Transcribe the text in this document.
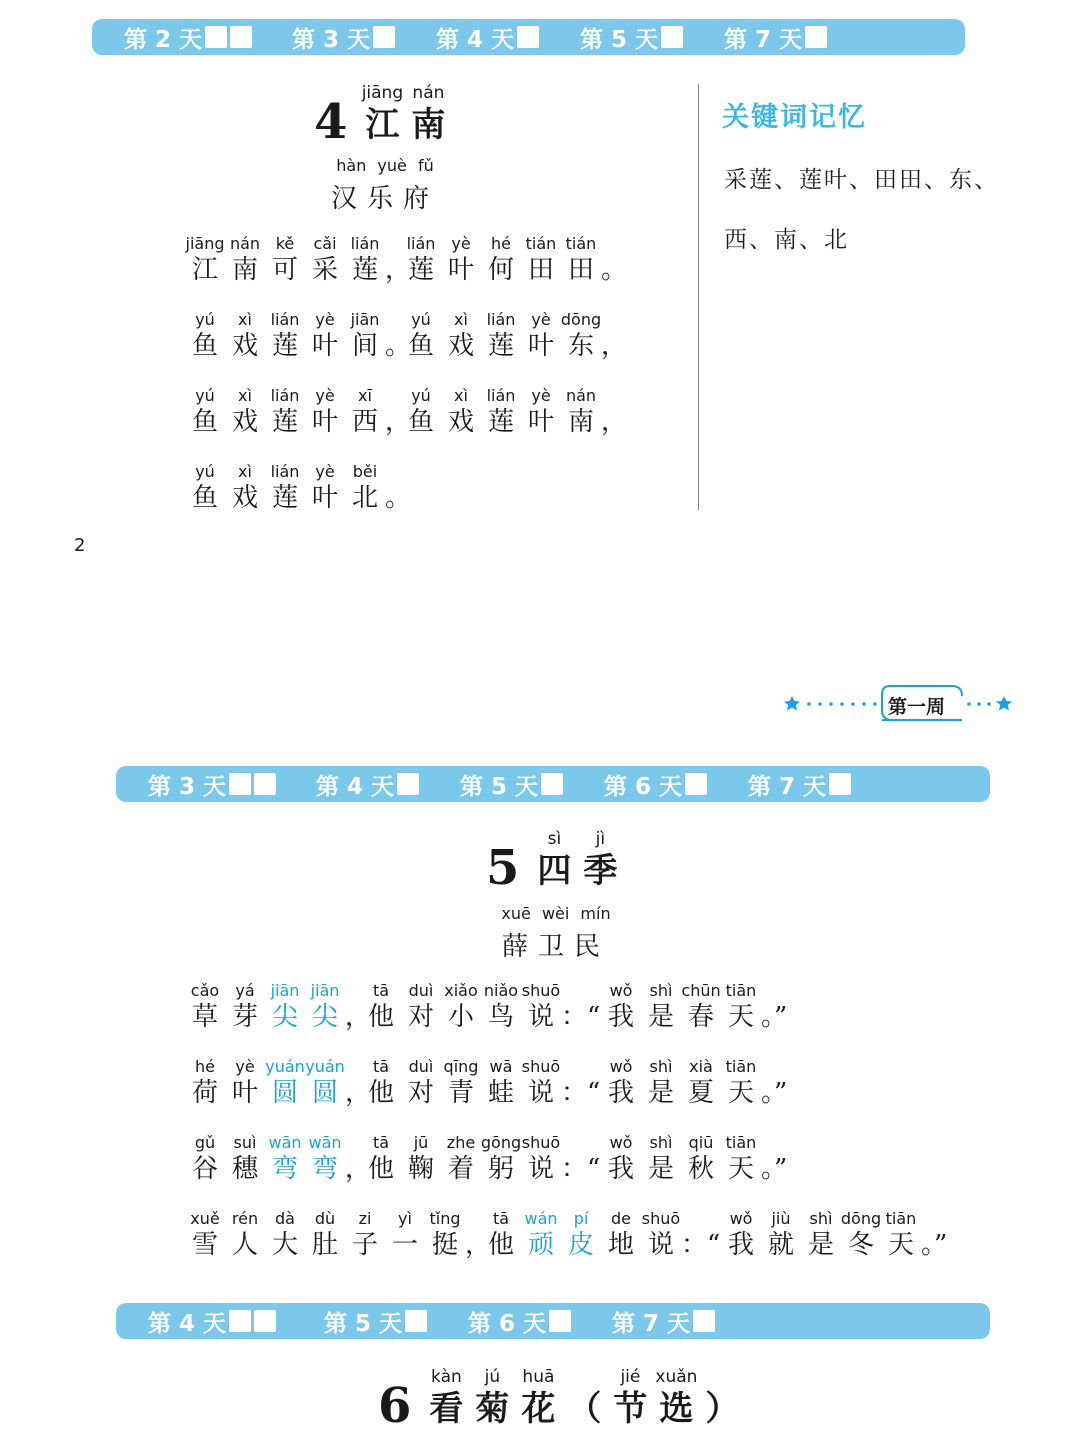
第 2 天	第 3 天	第 4 天	第 5 天	第 7 天
4
jiāng
江
nán
南
hàn yuè fǔ
汉乐府
jiāng
江
nán
南
kě
可
cǎi
采
lián
莲 ，
lián
莲
yè
叶
hé
何
tián
田
tián
田 。
yú
鱼
xì
戏
lián
莲
yè
叶
jiān
间 。
yú
鱼
xì
戏
lián
莲
yè
叶
dōng
东 ，
yú
鱼
xì
戏
lián
莲
yè
叶
xī
西 ，
yú
鱼
xì
戏
lián
莲
yè
叶
nán
南 ，
yú
鱼
xì
戏
lián
莲
yè
叶
běi
北 。
关键词记忆
采莲、莲叶、田田、东、西、南、北
2
第一周
第 3 天	第 4 天	第 5 天	第 6 天	第 7 天
5
sì
四
jì
季
xuē wèi mín
薛卫民
cǎo
草
yá
芽
jiān
尖
jiān
尖 ，
tā
他
duì
对
xiǎo
小
niǎo
鸟
shuō
说 ：“
wǒ
我
shì
是
chūn
春
tiān
天 。”
hé
荷
yè
叶
yuán
圆
yuán
圆 ，
tā
他
duì
对
qīng
青
wā
蛙
shuō
说 ：“
wǒ
我
shì
是
xià
夏
tiān
天 。”
gǔ
谷
suì
穗
wān
弯
wān
弯 ，
tā
他
jū
鞠
zhe
着
gōng
躬
shuō
说 ：“
wǒ
我
shì
是
qiū
秋
tiān
天 。”
xuě
雪
rén
人
dà
大
dù
肚
zi
子
yì
一
tǐng
挺 ，
tā
他
wán
顽
pí
皮
de
地
shuō
说 ：“
wǒ
我
jiù
就
shì
是
dōng
冬
tiān
天 。”
第 4 天	第 5 天	第 6 天	第 7 天
6
kàn
看
jú
菊
huā
花 （
jié
节
xuǎn
选 ）
